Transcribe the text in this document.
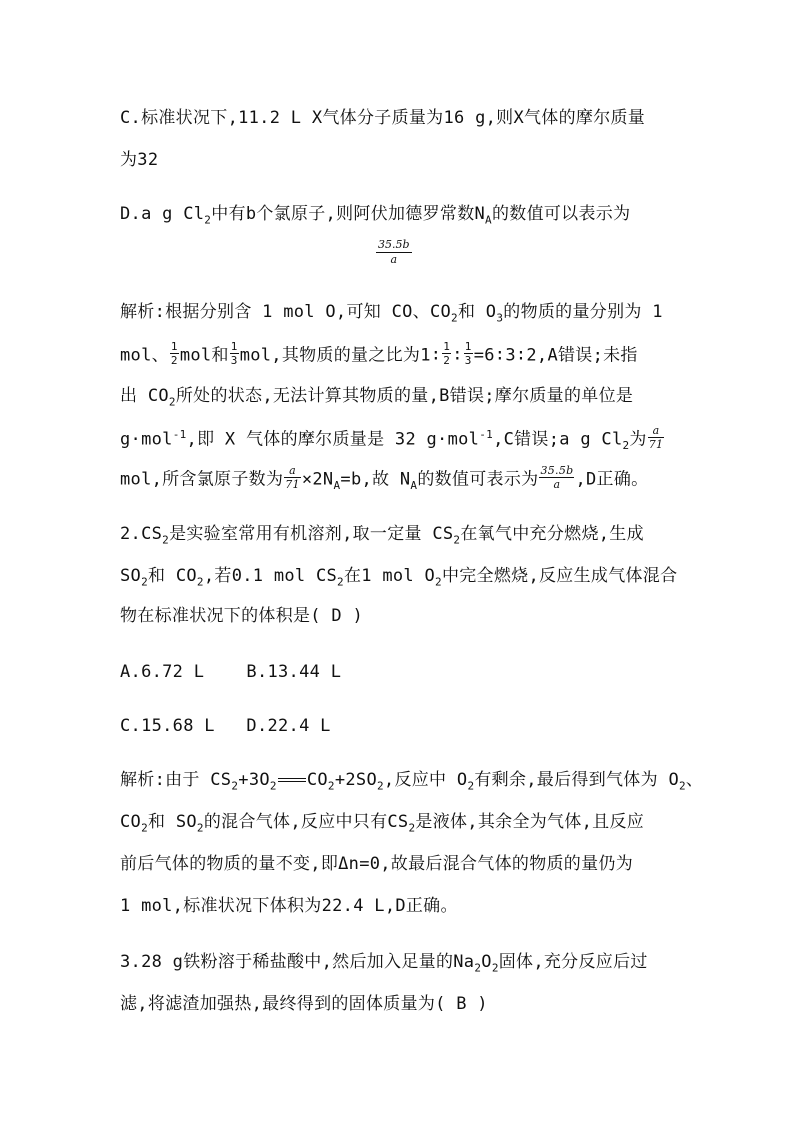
C.标准状况下,11.2 L X气体分子质量为16 g,则X气体的摩尔质量
为32
D.a g $Cl_2$中有b个氯原子,则阿伏加德罗常数$N_A$的数值可以表示为
35.5b
a
解析:根据分别含 1 mol O,可知 CO、$CO_2$和 $O_3$的物质的量分别为 1
mol、 $\frac{1}{2}$ mol和 $\frac{1}{3}$ mol,其物质的量之比为1∶ $\frac{1}{2}$ ∶ $\frac{1}{3}$ =6∶3∶2,A错误;未指
出 $CO_2$所处的状态,无法计算其物质的量,B错误;摩尔质量的单位是
g·mol$^{-1}$,即 X 气体的摩尔质量是 32 g·mol$^{-1}$,C错误;a g $Cl_2$为 $\frac{a}{71}$
mol,所含氯原子数为 $\frac{a}{71} \times 2N_A=b$,故 $N_A$的数值可表示为 $\frac{35.5b}{a} ,D$正确。
$2.CS_2$是实验室常用有机溶剂,取一定量 $CS_2$在氧气中充分燃烧,生成
$SO_2$和 $CO_2$,若0.1 mol $CS_2$在1 mol $O_2$中完全燃烧,反应生成气体混合
物在标准状况下的体积是( D )
A.6.72 L    B.13.44 L
C.15.68 L   D.22.4 L
解析:由于 $CS_2+3O_2$ $CO_2+2SO_2$,反应中 $O_2$有剩余,最后得到气体为 $O_2$、
$CO_2$和 $SO_2$的混合气体,反应中只有$CS_2$是液体,其余全为气体,且反应
前后气体的物质的量不变,即Δn=0,故最后混合气体的物质的量仍为
1 mol,标准状况下体积为22.4 L,D正确。
3.28 g铁粉溶于稀盐酸中,然后加入足量的$Na_2O_2$固体,充分反应后过
滤,将滤渣加强热,最终得到的固体质量为( B )
